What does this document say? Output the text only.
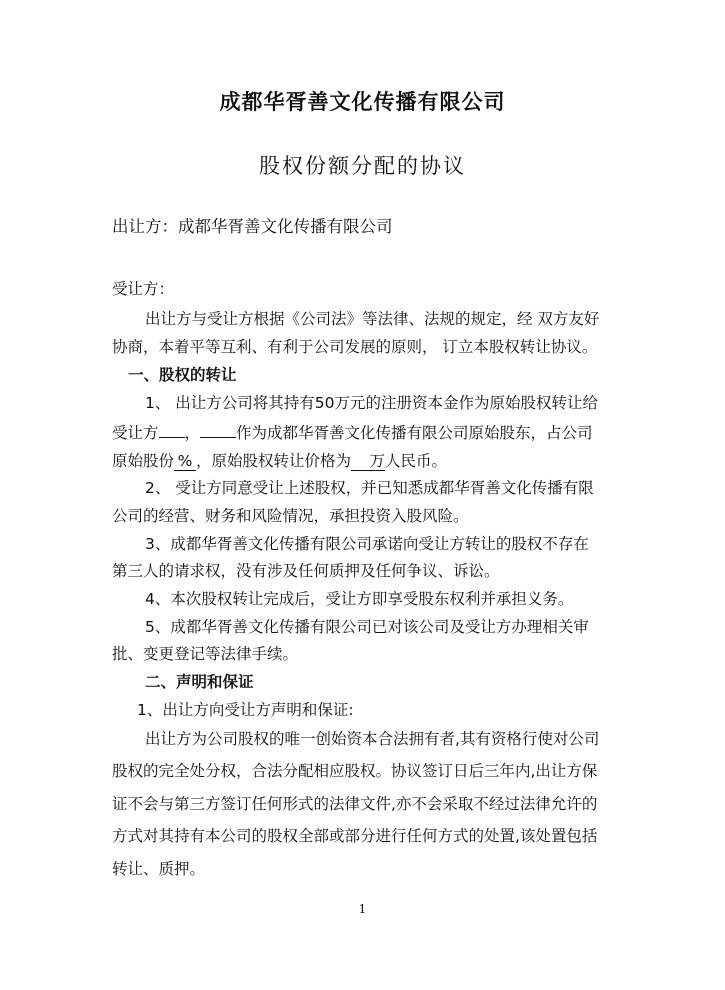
成都华胥善文化传播有限公司
股权份额分配的协议
出让方：成都华胥善文化传播有限公司
受让方：
出让方与受让方根据《公司法》等法律、法规的规定，经 双方友好
协商，本着平等互利、有利于公司发展的原则， 订立本股权转让协议。
一、股权的转让
1、 出让方公司将其持有50万元的注册资本金作为原始股权转让给
受让方 ， 作为成都华胥善文化传播有限公司原始股东，占公司
原始股份 % ，原始股权转让价格为 万人民币。
2、 受让方同意受让上述股权，并已知悉成都华胥善文化传播有限
公司的经营、财务和风险情况，承担投资入股风险。
3、成都华胥善文化传播有限公司承诺向受让方转让的股权不存在
第三人的请求权，没有涉及任何质押及任何争议、诉讼。
4、本次股权转让完成后，受让方即享受股东权利并承担义务。
5、成都华胥善文化传播有限公司已对该公司及受让方办理相关审
批、变更登记等法律手续。
二、声明和保证
1、出让方向受让方声明和保证:
出让方为公司股权的唯一创始资本合法拥有者,其有资格行使对公司
股权的完全处分权，合法分配相应股权。协议签订日后三年内,出让方保
证不会与第三方签订任何形式的法律文件,亦不会采取不经过法律允许的
方式对其持有本公司的股权全部或部分进行任何方式的处置,该处置包括
转让、质押。
1
